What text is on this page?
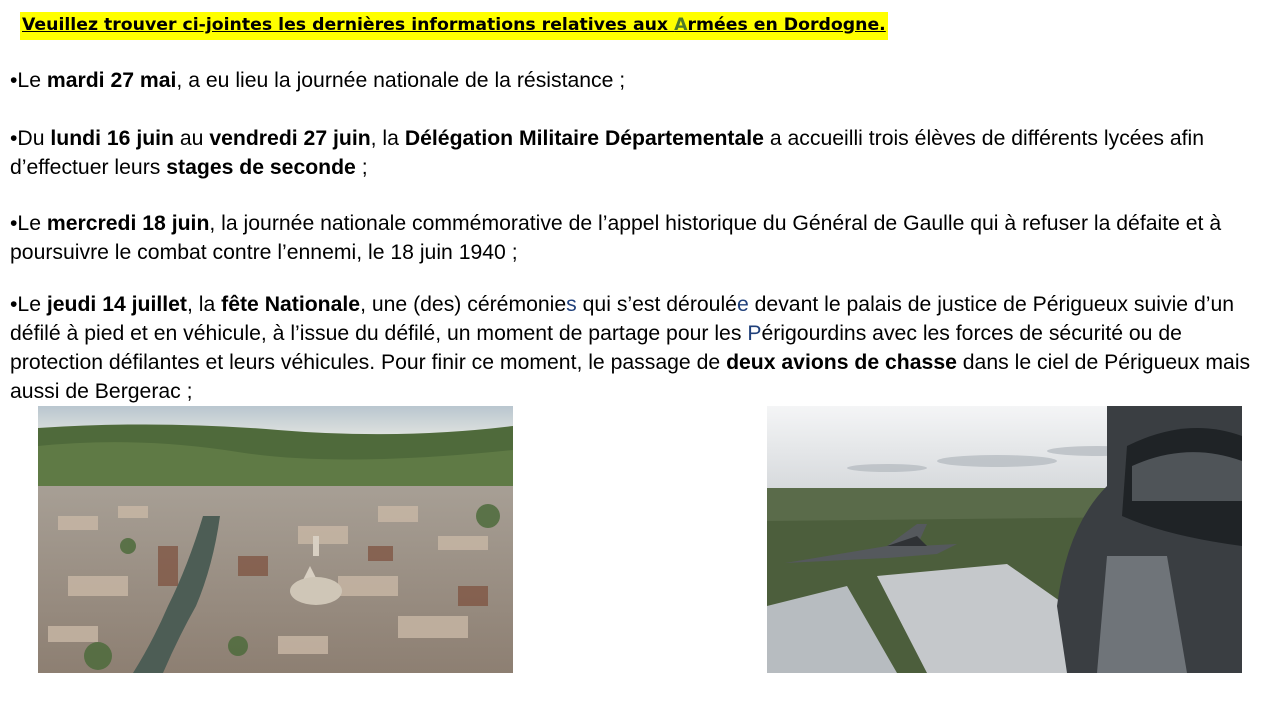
Veuillez trouver ci-jointes les dernières informations relatives aux Armées en Dordogne.

•Le mardi 27 mai, a eu lieu la journée nationale de la résistance ;

•Du lundi 16 juin au vendredi 27 juin, la Délégation Militaire Départementale a accueilli trois élèves de différents lycées afin d’effectuer leurs stages de seconde ;

•Le mercredi 18 juin, la journée nationale commémorative de l’appel historique du Général de Gaulle qui à refuser la défaite et à poursuivre le combat contre l’ennemi, le 18 juin 1940 ;

•Le jeudi 14 juillet, la fête Nationale, une (des) cérémonies qui s’est déroulée devant le palais de justice de Périgueux suivie d’un défilé à pied et en véhicule, à l’issue du défilé, un moment de partage pour les Périgourdins avec les forces de sécurité ou de protection défilantes et leurs véhicules. Pour finir ce moment, le passage de deux avions de chasse dans le ciel de Périgueux mais aussi de Bergerac ;
